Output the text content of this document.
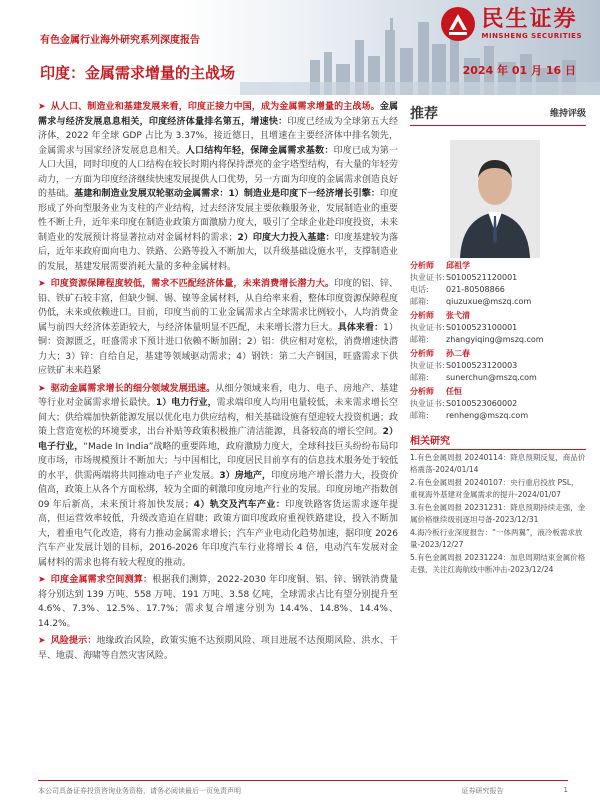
民生证券
MINSHENG SECURITIES
有色金属行业海外研究系列深度报告
印度：金属需求增量的主战场	2024 年 01 月 16 日
➤ 从人口、制造业和基建发展来看，印度正接力中国，成为金属需求增量的主战场。金属需求与经济发展息息相关，印度经济体量排名第五，增速快：印度已经成为全球第五大经济体，2022 年全球 GDP 占比为 3.37%，接近德日，且增速在主要经济体中排名领先，金属需求与国家经济发展息息相关。人口结构年轻，保障金属需求基数：印度已成为第一人口大国，同时印度的人口结构在较长时期内将保持漂亮的金字塔型结构，有大量的年轻劳动力，一方面为印度经济继续快速发展提供人口优势，另一方面为印度的金属需求创造良好的基础。基建和制造业发展双轮驱动金属需求：1）制造业是印度下一经济增长引擎：印度形成了外向型服务业为支柱的产业结构，过去经济发展主要依赖服务业，发展制造业的重要性不断上升，近年来印度在制造业政策方面激励力度大，吸引了全球企业赴印度投资，未来制造业的发展预计将显著拉动对金属材料的需求；2）印度大力投入基建：印度基建较为落后，近年来政府面向电力、铁路、公路等投入不断加大，以升级基础设施水平，支撑制造业的发展，基建发展需要消耗大量的多种金属材料。
➤ 印度资源保障程度较低，需求不匹配经济体量，未来消费增长潜力大。印度的铝、锌、铅、铁矿石较丰富，但缺少铜、锡、镍等金属材料，从自给率来看，整体印度资源保障程度仍低，未来或依赖进口。目前，印度当前的工业金属需求占全球需求比例较小，人均消费金属与前四大经济体差距较大，与经济体量明显不匹配，未来增长潜力巨大。具体来看：1）铜：资源匮乏，旺盛需求下预计进口依赖不断加剧；2）铝：供应相对宽松，消费增速快潜力大；3）锌：自给自足，基建等领域驱动需求；4）钢铁：第二大产钢国，旺盛需求下供应铁矿未来趋紧
➤ 驱动金属需求增长的细分领域发展迅速。从细分领域来看，电力、电子、房地产、基建等行业对金属需求增长最快。1）电力行业，需求端印度人均用电量较低，未来需求增长空间大；供给端加快新能源发展以优化电力供应结构，相关基础设施有望迎较大投资机遇；政策上营造宽松的环境要求，出台补贴等政策积极推广清洁能源，具备较高的增长空间。2）电子行业，“Made In India”战略的重要阵地，政府激励力度大，全球科技巨头纷纷布局印度市场，市场规模预计不断加大；与中国相比，印度居民目前享有的信息技术服务处于较低的水平，供需两端将共同推动电子产业发展。3）房地产，印度房地产增长潜力大，投资价值高，政策上从各个方面松绑，较为全面的刺激印度房地产行业的发展。印度房地产指数创 09 年后新高，未来预计将加快发展；4）轨交及汽车产业：印度铁路客货运需求逐年提高，但运营效率较低，升级改造迫在眉睫；政策方面印度政府重视铁路建设，投入不断加大，着重电气化改造，将有力推动金属需求增长；汽车产业电动化趋势加速，据印度 2026 汽车产业发展计划的目标，2016-2026 年印度汽车行业将增长 4 倍，电动汽车发展对金属材料的需求也将有较大程度的推动。
➤ 印度金属需求空间测算：根据我们测算，2022-2030 年印度铜、铝、锌、钢铁消费量将分别达到 139 万吨、558 万吨、191 万吨、3.58 亿吨，全球需求占比有望分别提升至 4.6%、7.3%、12.5%、17.7%；需求复合增速分别为 14.4%、14.8%、14.4%、14.2%。
➤ 风险提示：地缘政治风险，政策实施不达预期风险、项目进展不达预期风险、洪水、干旱、地震、海啸等自然灾害风险。
推荐	维持评级
分析师	邱祖学
执业证书: S0100521120001
电话:	021-80508866
邮箱:	qiuzuxue@mszq.com
分析师	张弋清
执业证书: S0100523100001
邮箱:	zhangyiqing@mszq.com
分析师	孙二春
执业证书: S0100523120003
邮箱:	sunerchun@mszq.com
分析师	任恒
执业证书: S0100523060002
邮箱:	renheng@mszq.com
相关研究
1.有色金属周报 20240114：降息预期反复，商品价格震荡-2024/01/14
2.有色金属周报 20240107：央行重启投放 PSL，重视海外基建对金属需求的提升-2024/01/07
3.有色金属周报 20231231：降息预期持续走强，金属价格继续级别逐坦号备-2023/12/31
4.海冷板行业深度报告：“一体两翼”，液冷板需求放量-2023/12/27
5.有色金属周报 20231224：加息周期结束金属价格走强，关注红海航线中断冲击-2023/12/24
本公司具备证券投资咨询业务资格，请务必阅读最后一页免责声明	证券研究报告	1
